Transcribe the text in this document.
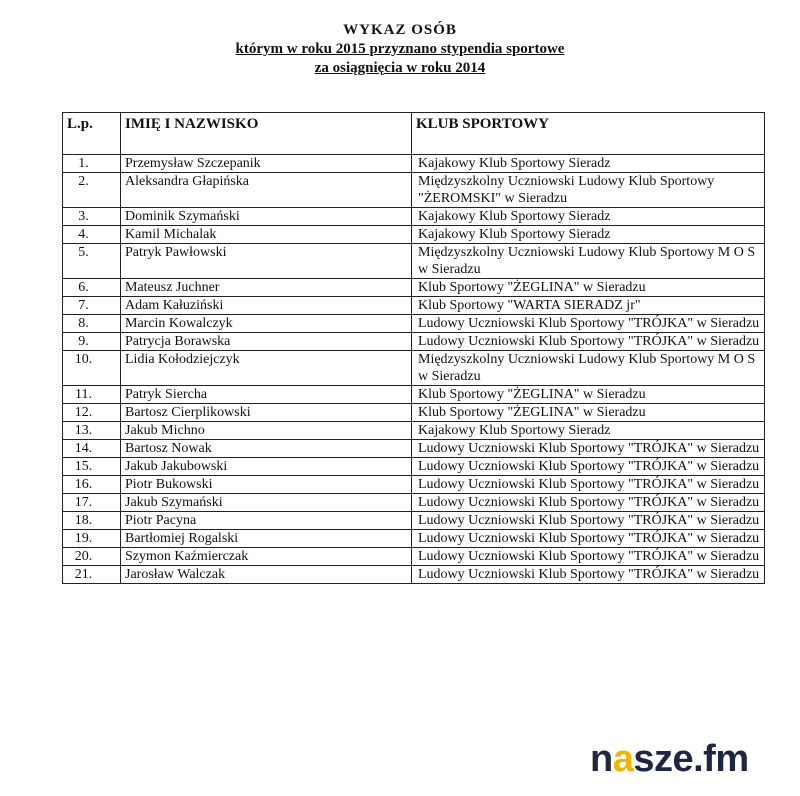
WYKAZ OSÓB
którym w roku 2015 przyznano stypendia sportowe
za osiągnięcia w roku 2014
L.p.	IMIĘ I NAZWISKO	KLUB SPORTOWY
1.	Przemysław Szczepanik	Kajakowy Klub Sportowy Sieradz
2.	Aleksandra Głapińska	Międzyszkolny Uczniowski Ludowy Klub Sportowy "ŻEROMSKI" w Sieradzu
3.	Dominik Szymański	Kajakowy Klub Sportowy Sieradz
4.	Kamil Michalak	Kajakowy Klub Sportowy Sieradz
5.	Patryk Pawłowski	Międzyszkolny Uczniowski Ludowy Klub Sportowy M O S w Sieradzu
6.	Mateusz Juchner	Klub Sportowy "ŻEGLINA" w Sieradzu
7.	Adam Kałuziński	Klub Sportowy "WARTA SIERADZ jr"
8.	Marcin Kowalczyk	Ludowy Uczniowski Klub Sportowy "TRÓJKA" w Sieradzu
9.	Patrycja Borawska	Ludowy Uczniowski Klub Sportowy "TRÓJKA" w Sieradzu
10.	Lidia Kołodziejczyk	Międzyszkolny Uczniowski Ludowy Klub Sportowy M O S w Sieradzu
11.	Patryk Siercha	Klub Sportowy "ŻEGLINA" w Sieradzu
12.	Bartosz Cierplikowski	Klub Sportowy "ŻEGLINA" w Sieradzu
13.	Jakub Michno	Kajakowy Klub Sportowy Sieradz
14.	Bartosz Nowak	Ludowy Uczniowski Klub Sportowy "TRÓJKA" w Sieradzu
15.	Jakub Jakubowski	Ludowy Uczniowski Klub Sportowy "TRÓJKA" w Sieradzu
16.	Piotr Bukowski	Ludowy Uczniowski Klub Sportowy "TRÓJKA" w Sieradzu
17.	Jakub Szymański	Ludowy Uczniowski Klub Sportowy "TRÓJKA" w Sieradzu
18.	Piotr Pacyna	Ludowy Uczniowski Klub Sportowy "TRÓJKA" w Sieradzu
19.	Bartłomiej Rogalski	Ludowy Uczniowski Klub Sportowy "TRÓJKA" w Sieradzu
20.	Szymon Kaźmierczak	Ludowy Uczniowski Klub Sportowy "TRÓJKA" w Sieradzu
21.	Jarosław Walczak	Ludowy Uczniowski Klub Sportowy "TRÓJKA" w Sieradzu
nasze.fm
